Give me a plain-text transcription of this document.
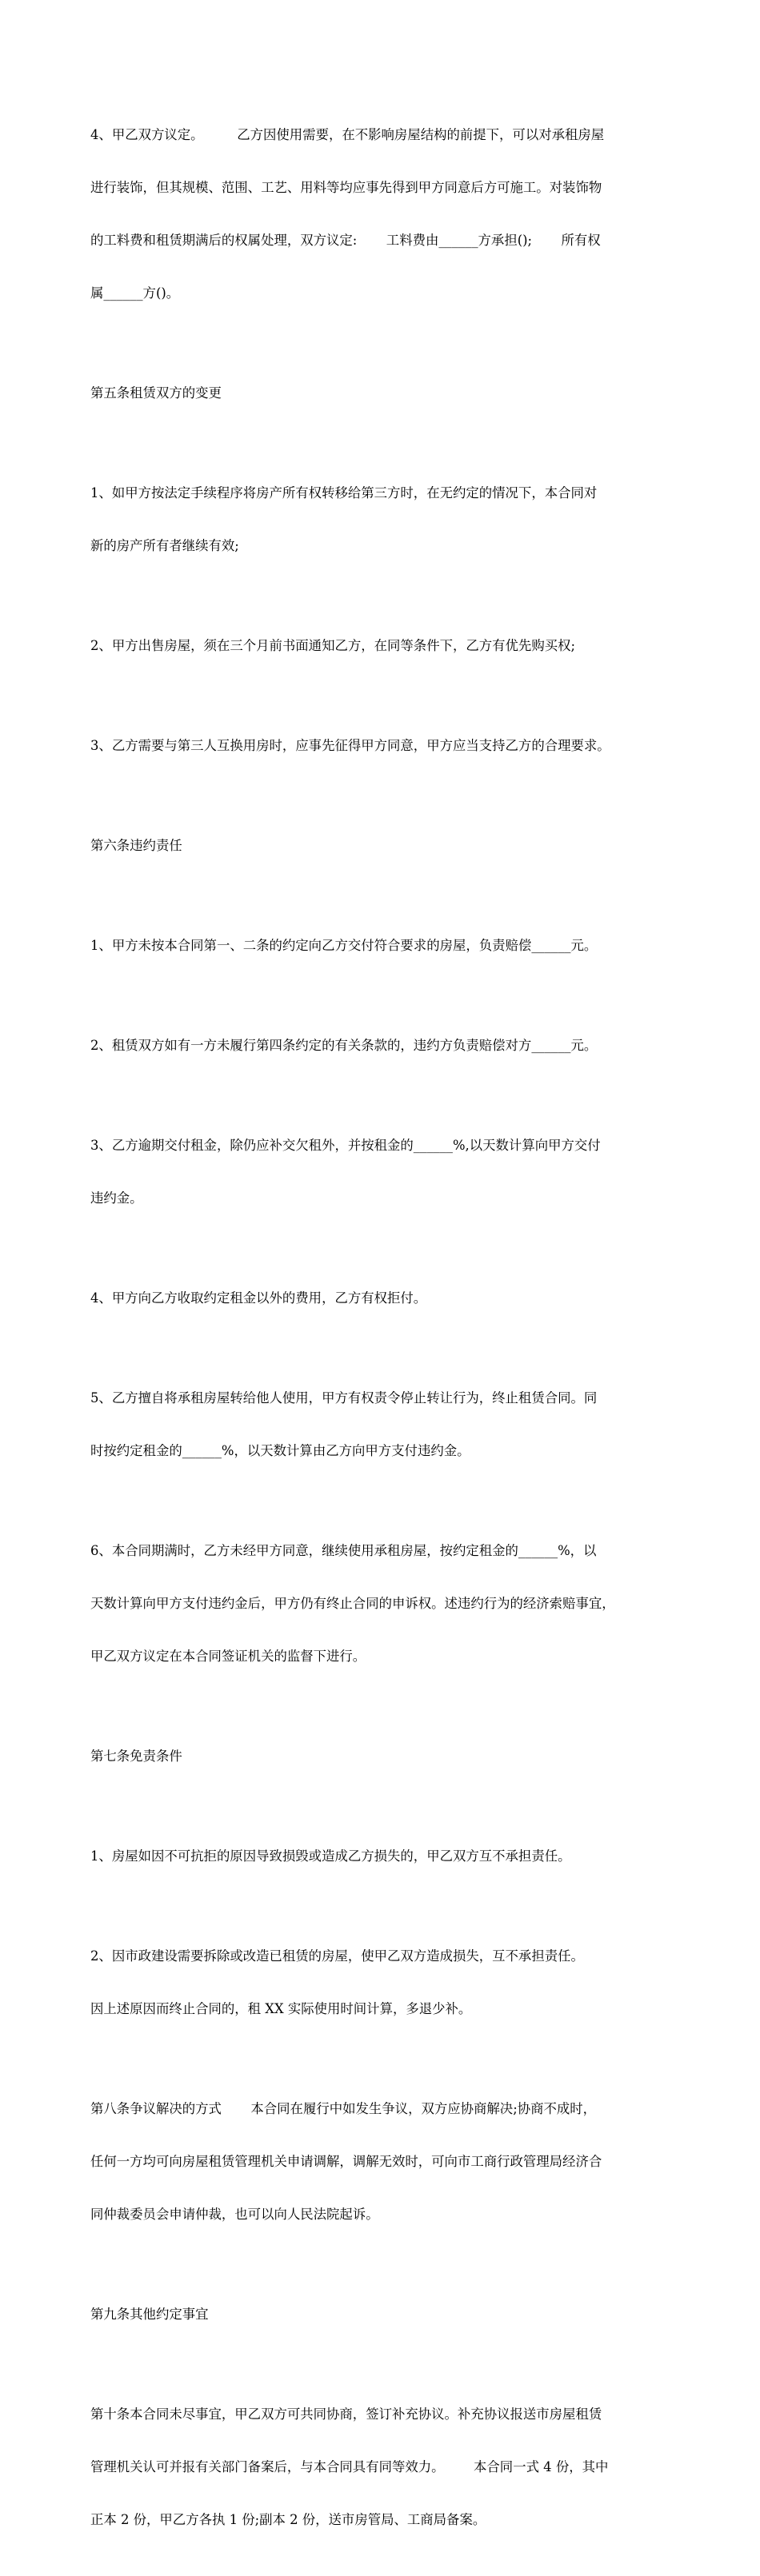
4、甲乙双方议定。        乙方因使用需要，在不影响房屋结构的前提下，可以对承租房屋

进行装饰，但其规模、范围、工艺、用料等均应事先得到甲方同意后方可施工。对装饰物

的工料费和租赁期满后的权属处理，双方议定:       工料费由______方承担();       所有权

属______方()。

第五条租赁双方的变更

1、如甲方按法定手续程序将房产所有权转移给第三方时，在无约定的情况下，本合同对

新的房产所有者继续有效;

2、甲方出售房屋，须在三个月前书面通知乙方，在同等条件下，乙方有优先购买权;

3、乙方需要与第三人互换用房时，应事先征得甲方同意，甲方应当支持乙方的合理要求。

第六条违约责任

1、甲方未按本合同第一、二条的约定向乙方交付符合要求的房屋，负责赔偿______元。

2、租赁双方如有一方未履行第四条约定的有关条款的，违约方负责赔偿对方______元。

3、乙方逾期交付租金，除仍应补交欠租外，并按租金的______%,以天数计算向甲方交付

违约金。

4、甲方向乙方收取约定租金以外的费用，乙方有权拒付。

5、乙方擅自将承租房屋转给他人使用，甲方有权责令停止转让行为，终止租赁合同。同

时按约定租金的______%，以天数计算由乙方向甲方支付违约金。

6、本合同期满时，乙方未经甲方同意，继续使用承租房屋，按约定租金的______%，以

天数计算向甲方支付违约金后，甲方仍有终止合同的申诉权。述违约行为的经济索赔事宜，

甲乙双方议定在本合同签证机关的监督下进行。

第七条免责条件

1、房屋如因不可抗拒的原因导致损毁或造成乙方损失的，甲乙双方互不承担责任。

2、因市政建设需要拆除或改造已租赁的房屋，使甲乙双方造成损失，互不承担责任。

因上述原因而终止合同的，租 XX 实际使用时间计算，多退少补。

第八条争议解决的方式       本合同在履行中如发生争议，双方应协商解决;协商不成时，

任何一方均可向房屋租赁管理机关申请调解，调解无效时，可向市工商行政管理局经济合

同仲裁委员会申请仲裁，也可以向人民法院起诉。

第九条其他约定事宜

第十条本合同未尽事宜，甲乙双方可共同协商，签订补充协议。补充协议报送市房屋租赁

管理机关认可并报有关部门备案后，与本合同具有同等效力。       本合同一式 4 份，其中

正本 2 份，甲乙方各执 1 份;副本 2 份，送市房管局、工商局备案。
